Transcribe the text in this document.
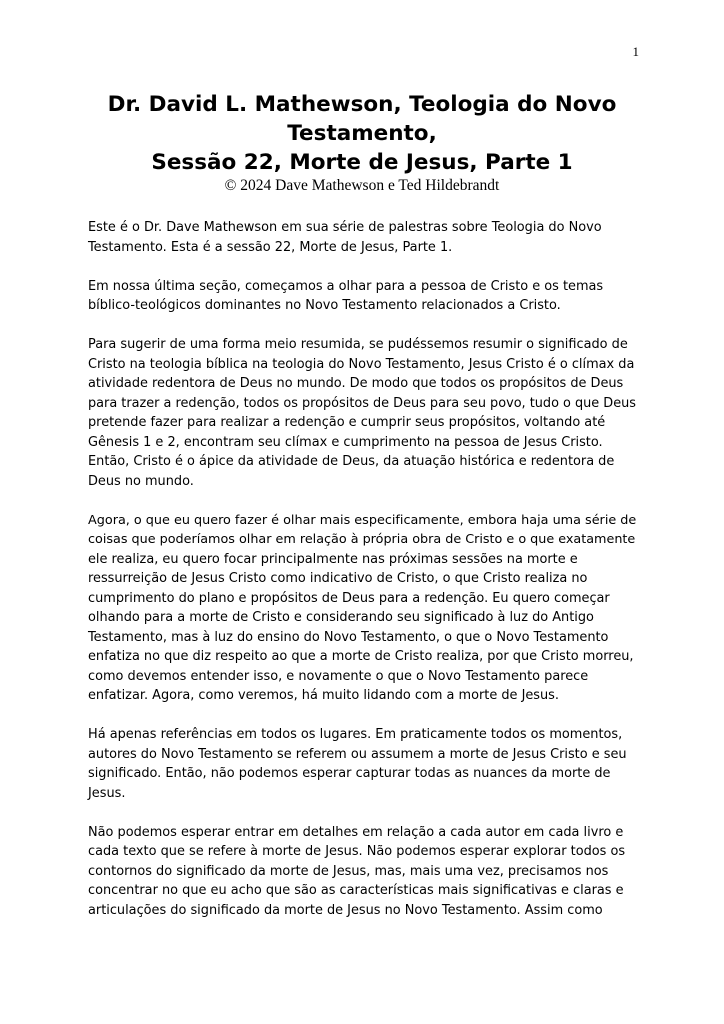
1
Dr. David L. Mathewson, Teologia do Novo
Testamento,
Sessão 22, Morte de Jesus, Parte 1
© 2024 Dave Mathewson e Ted Hildebrandt

Este é o Dr. Dave Mathewson em sua série de palestras sobre Teologia do Novo
Testamento. Esta é a sessão 22, Morte de Jesus, Parte 1.

Em nossa última seção, começamos a olhar para a pessoa de Cristo e os temas
bíblico-teológicos dominantes no Novo Testamento relacionados a Cristo.

Para sugerir de uma forma meio resumida, se pudéssemos resumir o significado de
Cristo na teologia bíblica na teologia do Novo Testamento, Jesus Cristo é o clímax da
atividade redentora de Deus no mundo. De modo que todos os propósitos de Deus
para trazer a redenção, todos os propósitos de Deus para seu povo, tudo o que Deus
pretende fazer para realizar a redenção e cumprir seus propósitos, voltando até
Gênesis 1 e 2, encontram seu clímax e cumprimento na pessoa de Jesus Cristo.
Então, Cristo é o ápice da atividade de Deus, da atuação histórica e redentora de
Deus no mundo.

Agora, o que eu quero fazer é olhar mais especificamente, embora haja uma série de
coisas que poderíamos olhar em relação à própria obra de Cristo e o que exatamente
ele realiza, eu quero focar principalmente nas próximas sessões na morte e
ressurreição de Jesus Cristo como indicativo de Cristo, o que Cristo realiza no
cumprimento do plano e propósitos de Deus para a redenção. Eu quero começar
olhando para a morte de Cristo e considerando seu significado à luz do Antigo
Testamento, mas à luz do ensino do Novo Testamento, o que o Novo Testamento
enfatiza no que diz respeito ao que a morte de Cristo realiza, por que Cristo morreu,
como devemos entender isso, e novamente o que o Novo Testamento parece
enfatizar. Agora, como veremos, há muito lidando com a morte de Jesus.

Há apenas referências em todos os lugares. Em praticamente todos os momentos,
autores do Novo Testamento se referem ou assumem a morte de Jesus Cristo e seu
significado. Então, não podemos esperar capturar todas as nuances da morte de
Jesus.

Não podemos esperar entrar em detalhes em relação a cada autor em cada livro e
cada texto que se refere à morte de Jesus. Não podemos esperar explorar todos os
contornos do significado da morte de Jesus, mas, mais uma vez, precisamos nos
concentrar no que eu acho que são as características mais significativas e claras e
articulações do significado da morte de Jesus no Novo Testamento. Assim como
